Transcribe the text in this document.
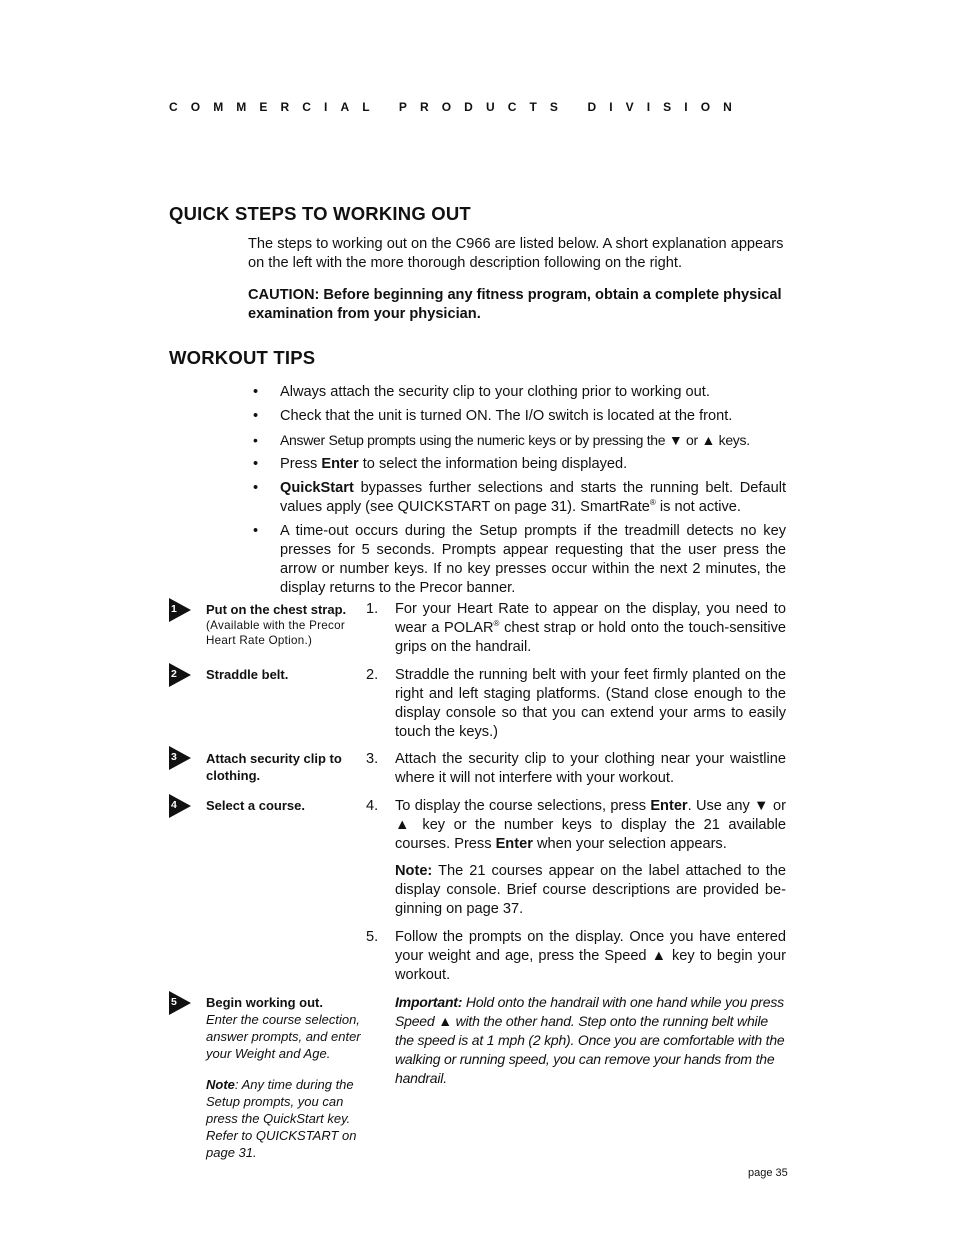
COMMERCIAL PRODUCTS DIVISION
QUICK STEPS TO WORKING OUT

The steps to working out on the C966 are listed below. A short explanation appears on the left with the more thorough description following on the right.

CAUTION: Before beginning any fitness program, obtain a complete physical examination from your physician.

WORKOUT TIPS
• Always attach the security clip to your clothing prior to working out.
• Check that the unit is turned ON. The I/O switch is located at the front.
• Answer Setup prompts using the numeric keys or by pressing the ▼ or ▲ keys.
• Press Enter to select the information being displayed.
• QuickStart bypasses further selections and starts the running belt. Default values apply (see QUICKSTART on page 31). SmartRate® is not active.
• A time-out occurs during the Setup prompts if the treadmill detects no key presses for 5 seconds. Prompts appear requesting that the user press the arrow or number keys. If no key presses occur within the next 2 minutes, the display returns to the Precor banner.
1
2
3
4
5
Put on the chest strap.
(Available with the Precor Heart Rate Option.)
Straddle belt.
Attach security clip to clothing.
Select a course.
Begin working out.
Enter the course selection, answer prompts, and enter your Weight and Age.
Note: Any time during the Setup prompts, you can press the QuickStart key. Refer to QUICKSTART on page 31.
1. For your Heart Rate to appear on the display, you need to wear a POLAR® chest strap or hold onto the touch-sensitive grips on the handrail.
2. Straddle the running belt with your feet firmly planted on the right and left staging platforms. (Stand close enough to the display console so that you can extend your arms to easily touch the keys.)
3. Attach the security clip to your clothing near your waistline where it will not interfere with your workout.
4. To display the course selections, press Enter. Use any ▼ or ▲ key or the number keys to display the 21 available courses. Press Enter when your selection appears.
Note: The 21 courses appear on the label attached to the display console. Brief course descriptions are provided be-ginning on page 37.
5. Follow the prompts on the display. Once you have entered your weight and age, press the Speed ▲ key to begin your workout.
Important: Hold onto the handrail with one hand while you press Speed ▲ with the other hand. Step onto the running belt while the speed is at 1 mph (2 kph). Once you are comfortable with the walking or running speed, you can remove your hands from the handrail.
page 35
